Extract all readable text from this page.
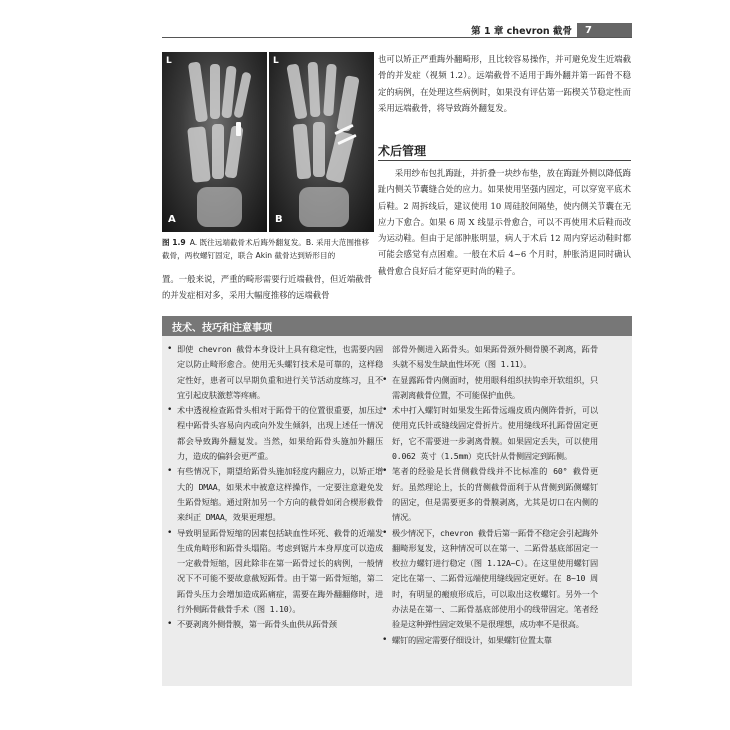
第 1 章 chevron 截骨	7
L
A
L
B
图 1.9 A. 既往远端截骨术后踇外翻复发。B. 采用大范围推移截骨，两枚螺钉固定，联合 Akin 截骨达到矫形目的
置。一般来说，严重的畸形需要行近端截骨，但近端截骨的并发症相对多，采用大幅度推移的远端截骨
也可以矫正严重踇外翻畸形，且比较容易操作，并可避免发生近端截骨的并发症（视频 1.2）。远端截骨不适用于踇外翻并第一跖骨不稳定的病例，在处理这些病例时，如果没有评估第一跖楔关节稳定性而采用远端截骨，将导致踇外翻复发。
术后管理
采用纱布包扎踇趾，并折叠一块纱布垫，放在踇趾外侧以降低踇趾内侧关节囊缝合处的应力。如果使用坚强内固定，可以穿宽平底术后鞋。2 周拆线后，建议使用 10 周硅胶间隔垫，使内侧关节囊在无应力下愈合。如果 6 周 X 线显示骨愈合，可以不再使用术后鞋而改为运动鞋。但由于足部肿胀明显，病人于术后 12 周内穿运动鞋时都可能会感觉有点困难。一般在术后 4~6 个月时，肿胀消退同时确认截骨愈合良好后才能穿更时尚的鞋子。
技术、技巧和注意事项
• 即使 chevron 截骨本身设计上具有稳定性，也需要内固定以防止畸形愈合。使用无头螺钉技术是可靠的，这样稳定性好，患者可以早期负重和进行关节活动度练习，且不宜引起皮肤激惹等疼痛。
• 术中透视检查跖骨头相对于跖骨干的位置很重要，加压过程中跖骨头容易向内或向外发生倾斜，出现上述任一情况都会导致踇外翻复发。当然，如果给跖骨头施加外翻压力，造成的偏斜会更严重。
• 有些情况下，期望给跖骨头施加轻度内翻应力，以矫正增大的 DMAA，如果术中被意这样操作，一定要注意避免发生跖骨短缩。通过附加另一个方向的截骨如闭合楔形截骨来纠正 DMAA，效果更理想。
• 导致明显跖骨短缩的因素包括缺血性坏死、截骨的近端发生成角畸形和跖骨头塌陷。考虑到锯片本身厚度可以造成一定截骨短缩，因此除非在第一跖骨过长的病例，一般情况下不可能不要故意截短跖骨。由于第一跖骨短缩，第二跖骨头压力会增加造成跖痛症，需要在踇外翻翻修时，进行外侧跖骨截骨手术（图 1.10）。
• 不要剥离外侧骨膜，第一跖骨头血供从跖骨颈
部骨外侧进入跖骨头。如果跖骨颈外侧骨膜不剥离，跖骨头就不易发生缺血性坏死（图 1.11）。
• 在显露跖骨内侧面时，使用眼科组织扶钩牵开软组织，只需剥离截骨位置，不可能保护血供。
• 术中打入螺钉时如果发生跖骨远端皮质内侧阵骨折，可以使用克氏针或缝线固定骨折片。使用缝线环扎跖骨固定更好，它不需要进一步剥离骨膜。如果固定丢失，可以使用 0.062 英寸（1.5mm）克氏针从骨侧固定到跖侧。
• 笔者的经验是长背侧截骨线并不比标准的 60° 截骨更好。虽然理论上，长的背侧截骨面利于从背侧到跖侧螺钉的固定，但是需要更多的骨膜剥离，尤其是切口在内侧的情况。
• 极少情况下，chevron 截骨后第一跖骨不稳定会引起踇外翻畸形复发，这种情况可以在第一、二跖骨基底部固定一枚拉力螺钉进行稳定（图 1.12A~C）。在这里使用螺钉固定比在第一、二跖骨远端使用缝线固定更好。在 8~10 周时，有明显的瘢痕形成后，可以取出这枚螺钉。另外一个办法是在第一、二跖骨基底部使用小的线带固定。笔者经验是这种弹性固定效果不是很理想，成功率不是很高。
• 螺钉的固定需要仔细设计，如果螺钉位置太靠
